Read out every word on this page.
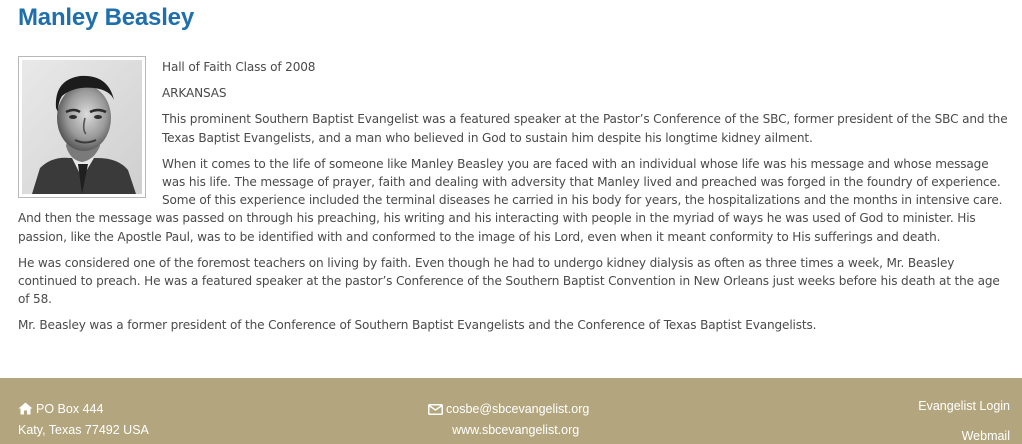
Manley Beasley

Hall of Faith Class of 2008

ARKANSAS

This prominent Southern Baptist Evangelist was a featured speaker at the Pastor’s Conference of the SBC, former president of the SBC and the Texas Baptist Evangelists, and a man who believed in God to sustain him despite his longtime kidney ailment.

When it comes to the life of someone like Manley Beasley you are faced with an individual whose life was his message and whose message was his life. The message of prayer, faith and dealing with adversity that Manley lived and preached was forged in the foundry of experience. Some of this experience included the terminal diseases he carried in his body for years, the hospitalizations and the months in intensive care. And then the message was passed on through his preaching, his writing and his interacting with people in the myriad of ways he was used of God to minister. His passion, like the Apostle Paul, was to be identified with and conformed to the image of his Lord, even when it meant conformity to His sufferings and death.

He was considered one of the foremost teachers on living by faith. Even though he had to undergo kidney dialysis as often as three times a week, Mr. Beasley continued to preach. He was a featured speaker at the pastor’s Conference of the Southern Baptist Convention in New Orleans just weeks before his death at the age of 58.

Mr. Beasley was a former president of the Conference of Southern Baptist Evangelists and the Conference of Texas Baptist Evangelists.

PO Box 444
Katy, Texas 77492 USA
cosbe@sbcevangelist.org
www.sbcevangelist.org
Evangelist Login
Webmail
